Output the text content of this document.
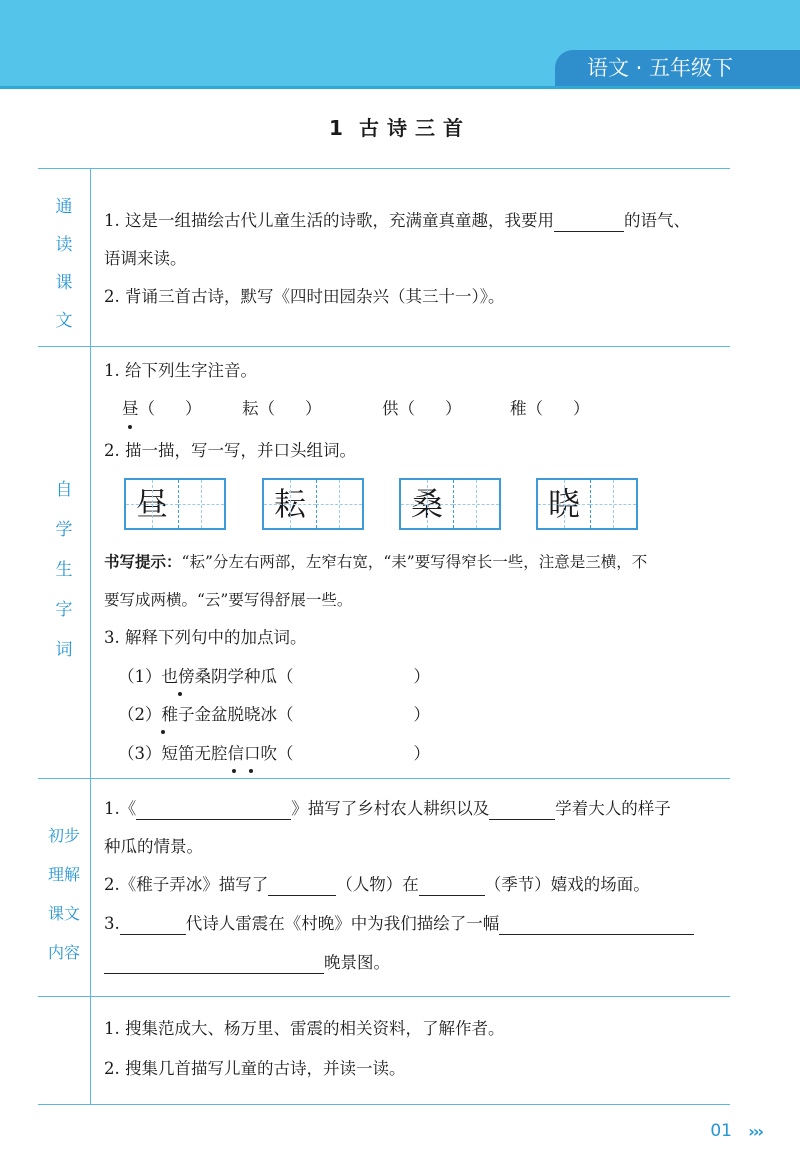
语文 · 五年级下
1 古诗三首
通
读
课
文
自
学
生
字
词
初步
理解
课文
内容
1. 这是一组描绘古代儿童生活的诗歌，充满童真童趣，我要用	的语气、
语调来读。
2. 背诵三首古诗，默写《四时田园杂兴（其三十一）》。
1. 给下列生字注音。
昼（ ） 耘（ ）	供（ ）	稚（ ）
2. 描一描，写一写，并口头组词。
昼	耘	桑	晓
书写提示：“耘”分左右两部，左窄右宽，“耒”要写得窄长一些，注意是三横，不
要写成两横。“云”要写得舒展一些。
3. 解释下列句中的加点词。
（1）也傍桑阴学种瓜（	）
（2）稚子金盆脱晓冰（	）
（3）短笛无腔信口吹（	）
1.《	》描写了乡村农人耕织以及	学着大人的样子
种瓜的情景。
2.《稚子弄冰》描写了	（人物）在	（季节）嬉戏的场面。
3.	代诗人雷震在《村晚》中为我们描绘了一幅
晚景图。
1. 搜集范成大、杨万里、雷震的相关资料，了解作者。
2. 搜集几首描写儿童的古诗，并读一读。
01 ›››
